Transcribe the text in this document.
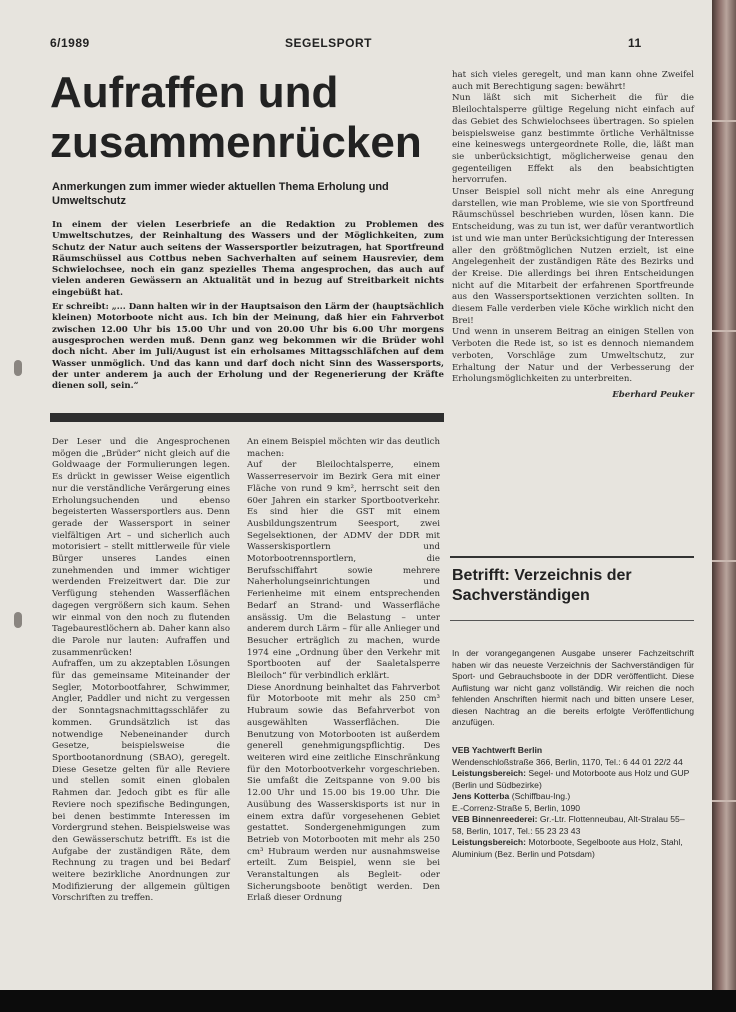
6/1989	SEGELSPORT	11
Aufraffen und zusammenrücken
Anmerkungen zum immer wieder aktuellen Thema Erholung und Umweltschutz

In einem der vielen Leserbriefe an die Redaktion zu Problemen des Umweltschutzes, der Reinhaltung des Wassers und der Möglichkeiten, zum Schutz der Natur auch seitens der Wassersportler beizutragen, hat Sportfreund Räumschüssel aus Cottbus neben Sachverhalten auf seinem Hausrevier, dem Schwielochsee, noch ein ganz spezielles Thema angesprochen, das auch auf vielen anderen Gewässern an Aktualität und in bezug auf Streitbarkeit nichts eingebüßt hat.

Er schreibt: „... Dann halten wir in der Hauptsaison den Lärm der (hauptsächlich kleinen) Motorboote nicht aus. Ich bin der Meinung, daß hier ein Fahrverbot zwischen 12.00 Uhr bis 15.00 Uhr und von 20.00 Uhr bis 6.00 Uhr morgens ausgesprochen werden muß. Denn ganz weg bekommen wir die Brüder wohl doch nicht. Aber im Juli/August ist ein erholsames Mittagsschläfchen auf dem Wasser unmöglich. Und das kann und darf doch nicht Sinn des Wassersports, der unter anderem ja auch der Erholung und der Regenerierung der Kräfte dienen soll, sein.“

Der Leser und die Angesprochenen mögen die „Brüder“ nicht gleich auf die Goldwaage der Formulierungen legen. Es drückt in gewisser Weise eigentlich nur die verständliche Verärgerung eines Erholungsuchenden und ebenso begeisterten Wassersportlers aus. Denn gerade der Wassersport in seiner vielfältigen Art – und sicherlich auch motorisiert – stellt mittlerweile für viele Bürger unseres Landes einen zunehmenden und immer wichtiger werdenden Freizeitwert dar. Die zur Verfügung stehenden Wasserflächen dagegen vergrößern sich kaum. Sehen wir einmal von den noch zu flutenden Tagebaurestlöchern ab. Daher kann also die Parole nur lauten: Aufraffen und zusammenrücken!

Aufraffen, um zu akzeptablen Lösungen für das gemeinsame Miteinander der Segler, Motorbootfahrer, Schwimmer, Angler, Paddler und nicht zu vergessen der Sonntagsnachmittagsschläfer zu kommen. Grundsätzlich ist das notwendige Nebeneinander durch Gesetze, beispielsweise die Sportbootanordnung (SBAO), geregelt. Diese Gesetze gelten für alle Reviere und stellen somit einen globalen Rahmen dar. Jedoch gibt es für alle Reviere noch spezifische Bedingungen, bei denen bestimmte Interessen im Vordergrund stehen. Beispielsweise was den Gewässerschutz betrifft. Es ist die Aufgabe der zuständigen Räte, dem Rechnung zu tragen und bei Bedarf weitere bezirkliche Anordnungen zur Modifizierung der allgemein gültigen Vorschriften zu treffen.

An einem Beispiel möchten wir das deutlich machen:

Auf der Bleilochtalsperre, einem Wasserreservoir im Bezirk Gera mit einer Fläche von rund 9 km², herrscht seit den 60er Jahren ein starker Sportbootverkehr. Es sind hier die GST mit einem Ausbildungszentrum Seesport, zwei Segelsektionen, der ADMV der DDR mit Wasserskisportlern und Motorbootrennsportlern, die Berufsschiffahrt sowie mehrere Naherholungseinrichtungen und Ferienheime mit einem entsprechenden Bedarf an Strand- und Wasserfläche ansässig. Um die Belastung – unter anderem durch Lärm – für alle Anlieger und Besucher erträglich zu machen, wurde 1974 eine „Ordnung über den Verkehr mit Sportbooten auf der Saaletalsperre Bleiloch“ für verbindlich erklärt.

Diese Anordnung beinhaltet das Fahrverbot für Motorboote mit mehr als 250 cm³ Hubraum sowie das Befahrverbot von ausgewählten Wasserflächen. Die Benutzung von Motorbooten ist außerdem generell genehmigungspflichtig. Des weiteren wird eine zeitliche Einschränkung für den Motorbootverkehr vorgeschrieben. Sie umfaßt die Zeitspanne von 9.00 bis 12.00 Uhr und 15.00 bis 19.00 Uhr. Die Ausübung des Wasserskisports ist nur in einem extra dafür vorgesehenen Gebiet gestattet. Sondergenehmigungen zum Betrieb von Motorbooten mit mehr als 250 cm³ Hubraum werden nur ausnahmsweise erteilt. Zum Beispiel, wenn sie bei Veranstaltungen als Begleit- oder Sicherungsboote benötigt werden. Den Erlaß dieser Ordnung

hat sich vieles geregelt, und man kann ohne Zweifel auch mit Berechtigung sagen: bewährt!

Nun läßt sich mit Sicherheit die für die Bleilochtalsperre gültige Regelung nicht einfach auf das Gebiet des Schwielochsees übertragen. So spielen beispielsweise ganz bestimmte örtliche Verhältnisse eine keineswegs untergeordnete Rolle, die, läßt man sie unberücksichtigt, möglicherweise genau den gegenteiligen Effekt als den beabsichtigten hervorrufen.

Unser Beispiel soll nicht mehr als eine Anregung darstellen, wie man Probleme, wie sie von Sportfreund Räumschüssel beschrieben wurden, lösen kann. Die Entscheidung, was zu tun ist, wer dafür verantwortlich ist und wie man unter Berücksichtigung der Interessen aller den größtmöglichen Nutzen erzielt, ist eine Angelegenheit der zuständigen Räte des Bezirks und der Kreise. Die allerdings bei ihren Entscheidungen nicht auf die Mitarbeit der erfahrenen Sportfreunde aus den Wassersportsektionen verzichten sollten. In diesem Falle verderben viele Köche wirklich nicht den Brei!

Und wenn in unserem Beitrag an einigen Stellen von Verboten die Rede ist, so ist es dennoch niemandem verboten, Vorschläge zum Umweltschutz, zur Erhaltung der Natur und der Verbesserung der Erholungsmöglichkeiten zu unterbreiten.

Eberhard Peuker

Betrifft: Verzeichnis der Sachverständigen
In der vorangegangenen Ausgabe unserer Fachzeitschrift haben wir das neueste Verzeichnis der Sachverständigen für Sport- und Gebrauchsboote in der DDR veröffentlicht. Diese Auflistung war nicht ganz vollständig. Wir reichen die noch fehlenden Anschriften hiermit nach und bitten unsere Leser, diesen Nachtrag an die bereits erfolgte Veröffentlichung anzufügen.
VEB Yachtwerft Berlin
Wendenschloßstraße 366, Berlin, 1170, Tel.: 6 44 01 22/2 44
Leistungsbereich: Segel- und Motorboote aus Holz und GUP (Berlin und Südbezirke)
Jens Kotterba (Schiffbau-Ing.)
E.-Correnz-Straße 5, Berlin, 1090
VEB Binnenreederei: Gr.-Ltr. Flottenneubau, Alt-Stralau 55–58, Berlin, 1017, Tel.: 55 23 23 43
Leistungsbereich: Motorboote, Segelboote aus Holz, Stahl, Aluminium (Bez. Berlin und Potsdam)
